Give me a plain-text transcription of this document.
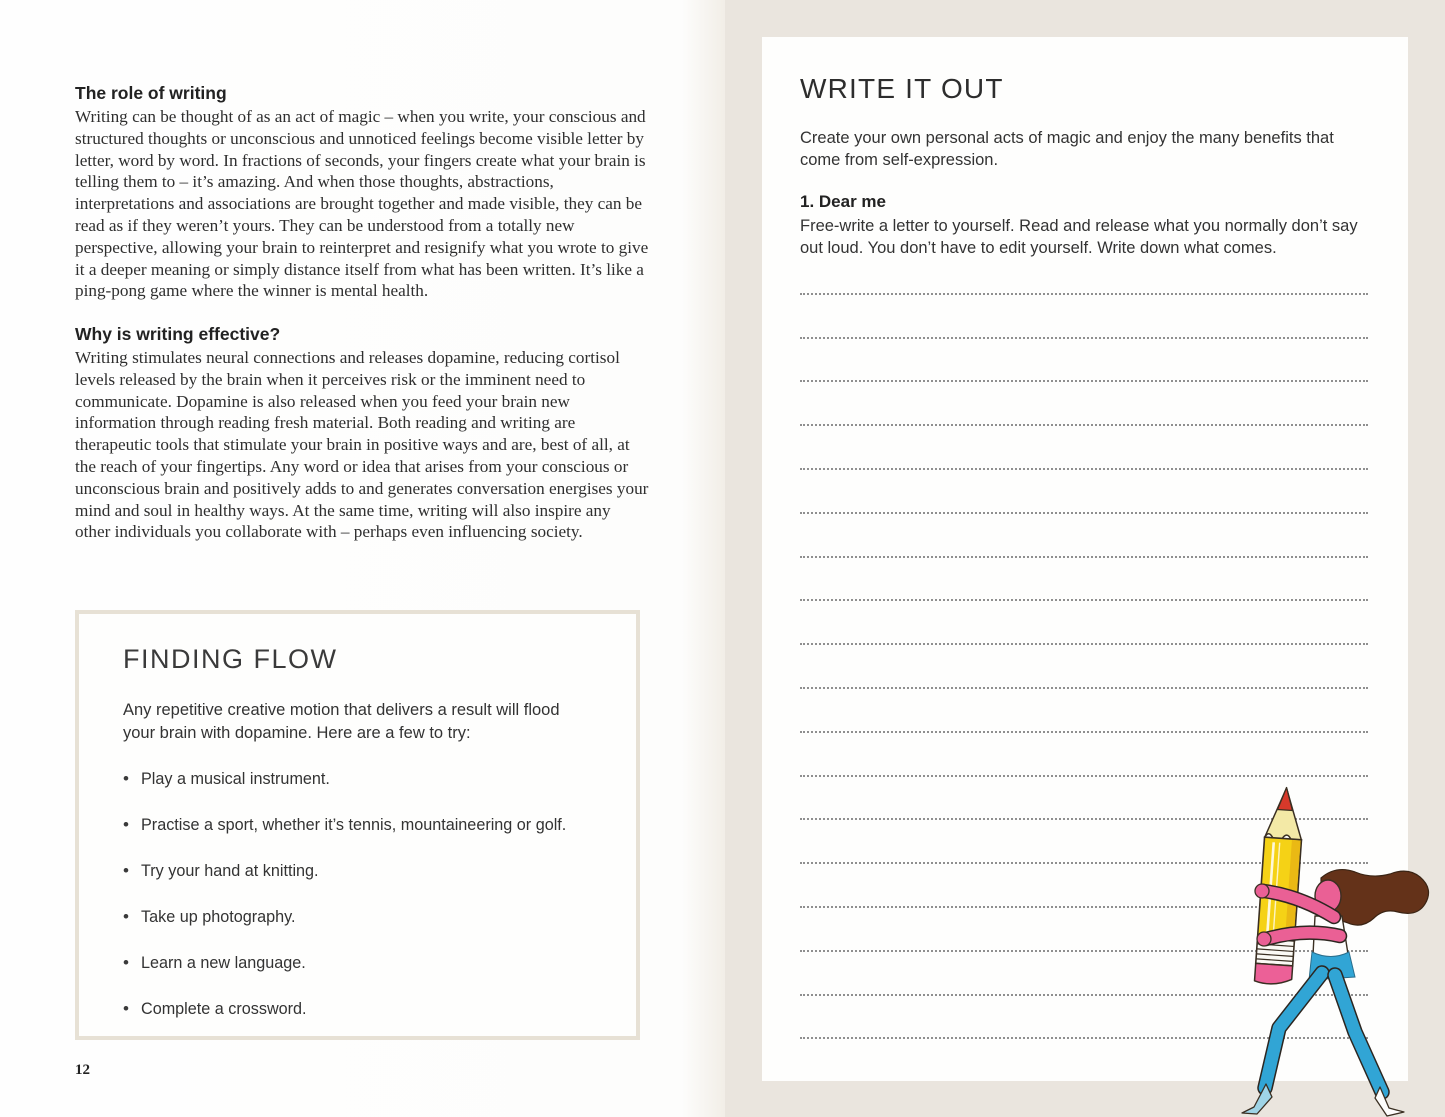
The role of writing

Writing can be thought of as an act of magic – when you write, your conscious and structured thoughts or unconscious and unnoticed feelings become visible letter by letter, word by word. In fractions of seconds, your fingers create what your brain is telling them to – it’s amazing. And when those thoughts, abstractions, interpretations and associations are brought together and made visible, they can be read as if they weren’t yours. They can be understood from a totally new perspective, allowing your brain to reinterpret and resignify what you wrote to give it a deeper meaning or simply distance itself from what has been written. It’s like a ping-pong game where the winner is mental health.

Why is writing effective?

Writing stimulates neural connections and releases dopamine, reducing cortisol levels released by the brain when it perceives risk or the imminent need to communicate. Dopamine is also released when you feed your brain new information through reading fresh material. Both reading and writing are therapeutic tools that stimulate your brain in positive ways and are, best of all, at the reach of your fingertips. Any word or idea that arises from your conscious or unconscious brain and positively adds to and generates conversation energises your mind and soul in healthy ways. At the same time, writing will also inspire any other individuals you collaborate with – perhaps even influencing society.

FINDING FLOW

Any repetitive creative motion that delivers a result will flood your brain with dopamine. Here are a few to try:

• Play a musical instrument.
• Practise a sport, whether it’s tennis, mountaineering or golf.
• Try your hand at knitting.
• Take up photography.
• Learn a new language.
• Complete a crossword.
12
WRITE IT OUT

Create your own personal acts of magic and enjoy the many benefits that come from self-expression.

1. Dear me

Free-write a letter to yourself. Read and release what you normally don’t say out loud. You don’t have to edit yourself. Write down what comes.
